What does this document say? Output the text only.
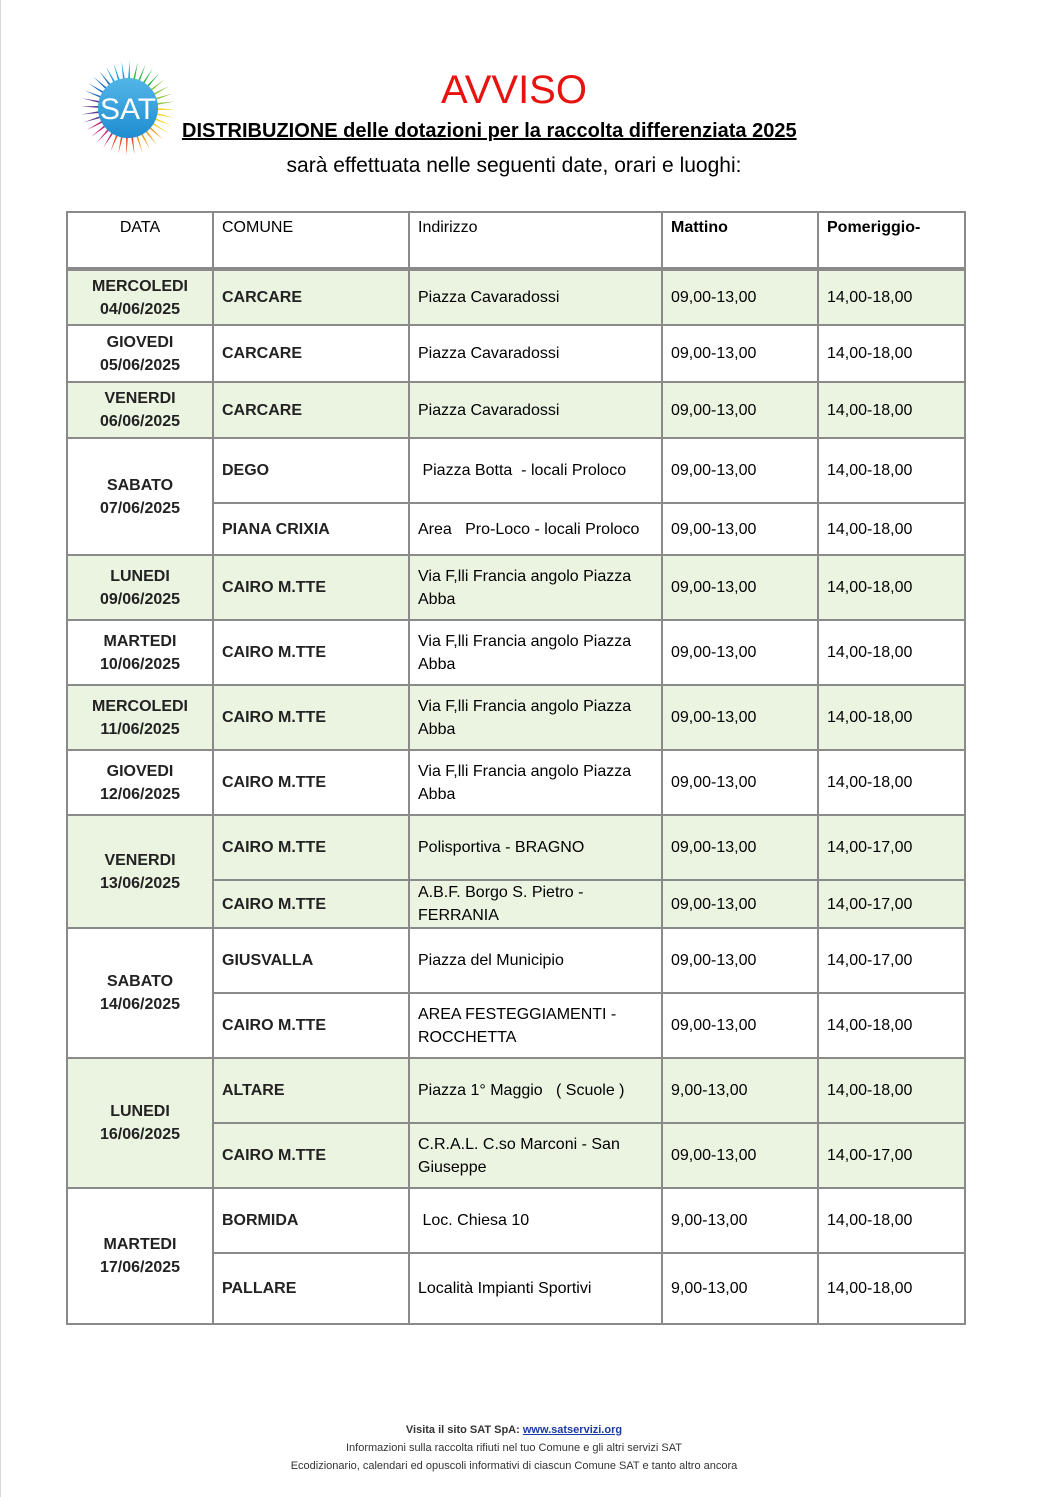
SAT	AVVISO
DISTRIBUZIONE delle dotazioni per la raccolta differenziata 2025
sarà effettuata nelle seguenti date, orari e luoghi:
DATA	COMUNE	Indirizzo	Mattino	Pomeriggio-

MERCOLEDI
04/06/2025	CARCARE	Piazza Cavaradossi	09,00-13,00	14,00-18,00

GIOVEDI
05/06/2025	CARCARE	Piazza Cavaradossi	09,00-13,00	14,00-18,00

VENERDI
06/06/2025	CARCARE	Piazza Cavaradossi	09,00-13,00	14,00-18,00

SABATO
07/06/2025	DEGO	Piazza Botta  - locali Proloco	09,00-13,00	14,00-18,00
	PIANA CRIXIA	Area   Pro-Loco - locali Proloco	09,00-13,00	14,00-18,00

LUNEDI
09/06/2025	CAIRO M.TTE	Via F,lli Francia angolo Piazza Abba	09,00-13,00	14,00-18,00

MARTEDI
10/06/2025	CAIRO M.TTE	Via F,lli Francia angolo Piazza Abba	09,00-13,00	14,00-18,00

MERCOLEDI
11/06/2025	CAIRO M.TTE	Via F,lli Francia angolo Piazza Abba	09,00-13,00	14,00-18,00

GIOVEDI
12/06/2025	CAIRO M.TTE	Via F,lli Francia angolo Piazza Abba	09,00-13,00	14,00-18,00

VENERDI
13/06/2025	CAIRO M.TTE	Polisportiva - BRAGNO	09,00-13,00	14,00-17,00
	CAIRO M.TTE	A.B.F. Borgo S. Pietro - FERRANIA	09,00-13,00	14,00-17,00

SABATO
14/06/2025	GIUSVALLA	Piazza del Municipio	09,00-13,00	14,00-17,00
	CAIRO M.TTE	AREA FESTEGGIAMENTI - ROCCHETTA	09,00-13,00	14,00-18,00

LUNEDI
16/06/2025	ALTARE	Piazza 1° Maggio   ( Scuole )	9,00-13,00	14,00-18,00
	CAIRO M.TTE	C.R.A.L. C.so Marconi - San Giuseppe	09,00-13,00	14,00-17,00

MARTEDI
17/06/2025	BORMIDA	Loc. Chiesa 10	9,00-13,00	14,00-18,00
	PALLARE	Località Impianti Sportivi	9,00-13,00	14,00-18,00
Visita il sito SAT SpA: www.satservizi.org
Informazioni sulla raccolta rifiuti nel tuo Comune e gli altri servizi SAT
Ecodizionario, calendari ed opuscoli informativi di ciascun Comune SAT e tanto altro ancora
